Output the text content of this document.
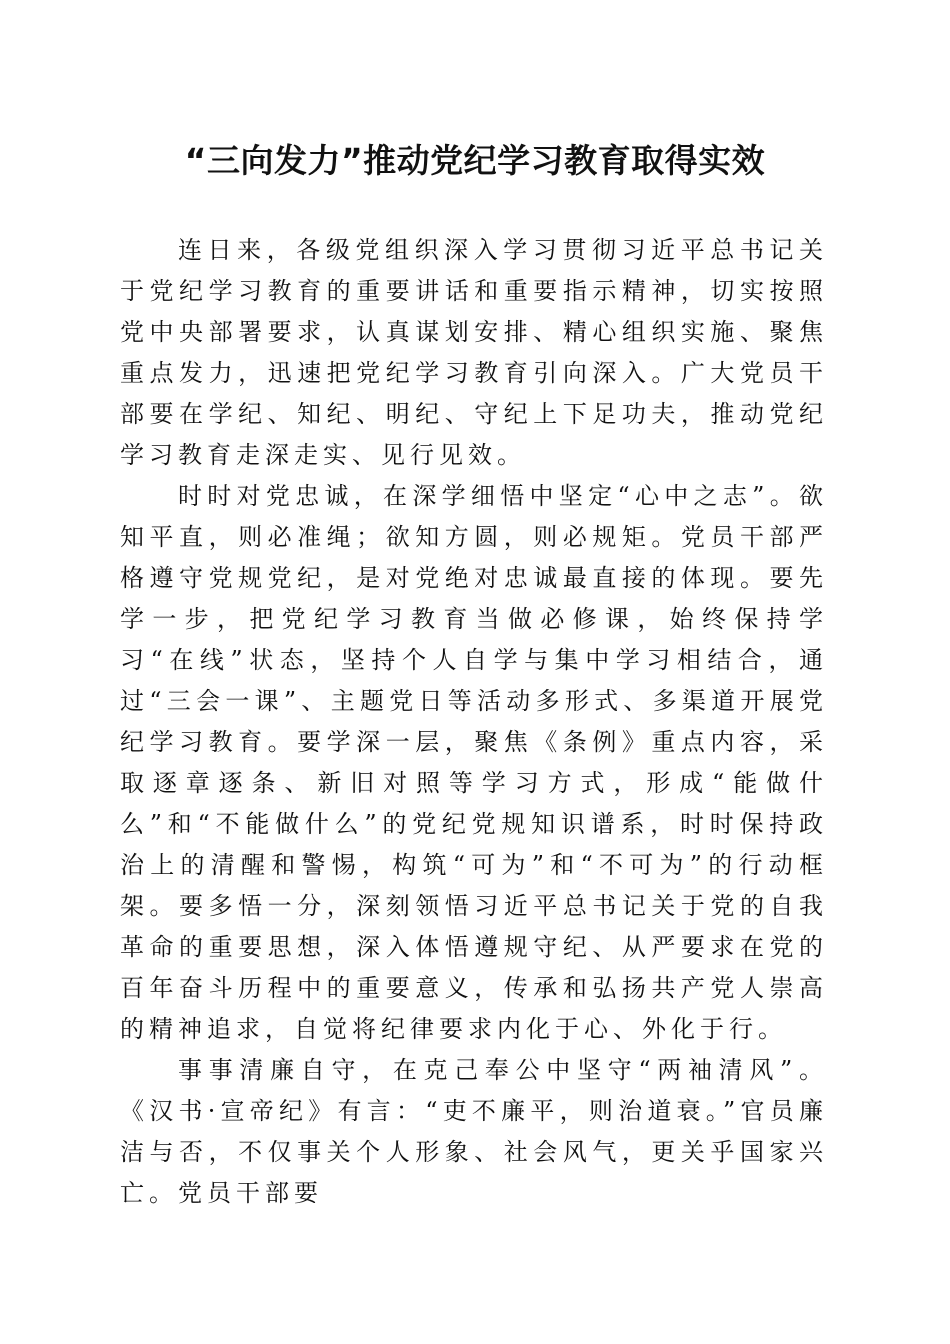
“三向发力”推动党纪学习教育取得实效

连日来，各级党组织深入学习贯彻习近平总书记关于党纪学习教育的重要讲话和重要指示精神，切实按照党中央部署要求，认真谋划安排、精心组织实施、聚焦重点发力，迅速把党纪学习教育引向深入。广大党员干部要在学纪、知纪、明纪、守纪上下足功夫，推动党纪学习教育走深走实、见行见效。

时时对党忠诚，在深学细悟中坚定“心中之志”。欲知平直，则必准绳；欲知方圆，则必规矩。党员干部严格遵守党规党纪，是对党绝对忠诚最直接的体现。要先学一步，把党纪学习教育当做必修课，始终保持学习“在线”状态，坚持个人自学与集中学习相结合，通过“三会一课”、主题党日等活动多形式、多渠道开展党纪学习教育。要学深一层，聚焦《条例》重点内容，采取逐章逐条、新旧对照等学习方式，形成“能做什么”和“不能做什么”的党纪党规知识谱系，时时保持政治上的清醒和警惕，构筑“可为”和“不可为”的行动框架。要多悟一分，深刻领悟习近平总书记关于党的自我革命的重要思想，深入体悟遵规守纪、从严要求在党的百年奋斗历程中的重要意义，传承和弘扬共产党人崇高的精神追求，自觉将纪律要求内化于心、外化于行。

事事清廉自守，在克己奉公中坚守“两袖清风”。《汉书·宣帝纪》有言：“吏不廉平，则治道衰。”官员廉洁与否，不仅事关个人形象、社会风气，更关乎国家兴亡。党员干部要
